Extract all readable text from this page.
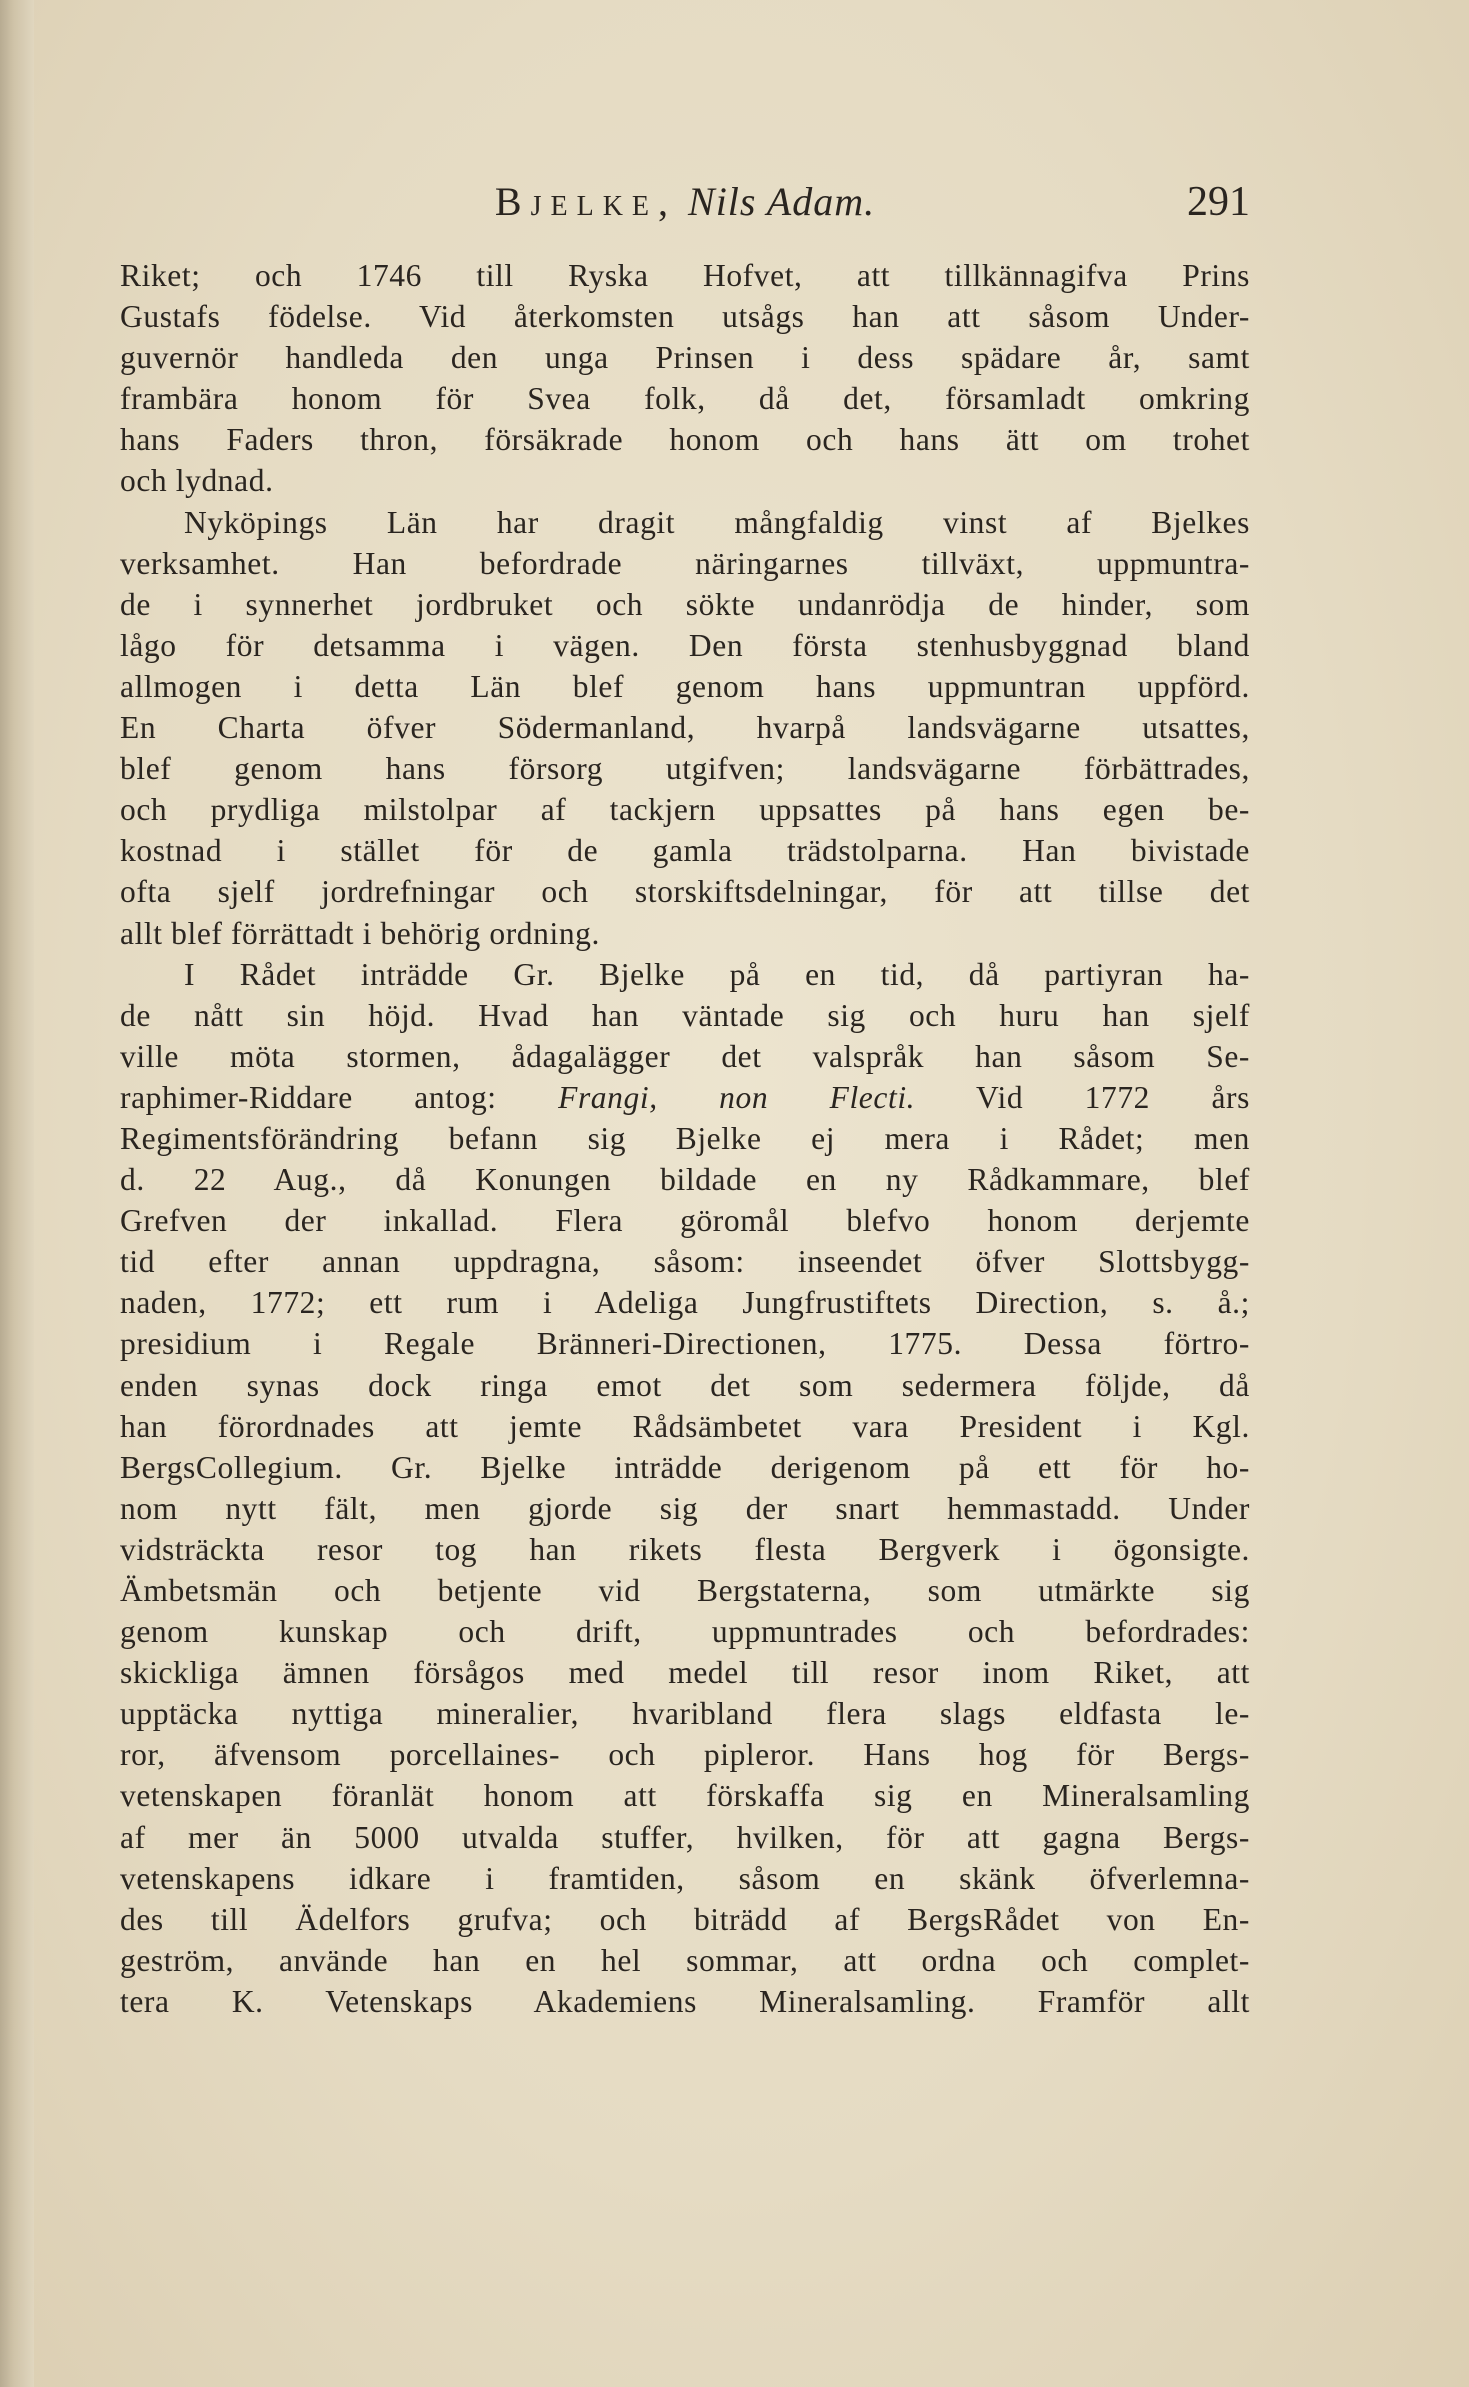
Bjelke, Nils Adam.	291
Riket; och 1746 till Ryska Hofvet, att tillkännagifva Prins
Gustafs födelse. Vid återkomsten utsågs han att såsom Under-
guvernör handleda den unga Prinsen i dess spädare år, samt
frambära honom för Svea folk, då det, församladt omkring
hans Faders thron, försäkrade honom och hans ätt om trohet
och lydnad.
Nyköpings Län har dragit mångfaldig vinst af Bjelkes
verksamhet. Han befordrade näringarnes tillväxt, uppmuntra-
de i synnerhet jordbruket och sökte undanrödja de hinder, som
lågo för detsamma i vägen. Den första stenhusbyggnad bland
allmogen i detta Län blef genom hans uppmuntran uppförd.
En Charta öfver Södermanland, hvarpå landsvägarne utsattes,
blef genom hans försorg utgifven; landsvägarne förbättrades,
och prydliga milstolpar af tackjern uppsattes på hans egen be-
kostnad i stället för de gamla trädstolparna. Han bivistade
ofta sjelf jordrefningar och storskiftsdelningar, för att tillse det
allt blef förrättadt i behörig ordning.
I Rådet inträdde Gr. Bjelke på en tid, då partiyran ha-
de nått sin höjd. Hvad han väntade sig och huru han sjelf
ville möta stormen, ådagalägger det valspråk han såsom Se-
raphimer-Riddare antog: Frangi, non Flecti. Vid 1772 års
Regimentsförändring befann sig Bjelke ej mera i Rådet; men
d. 22 Aug., då Konungen bildade en ny Rådkammare, blef
Grefven der inkallad. Flera göromål blefvo honom derjemte
tid efter annan uppdragna, såsom: inseendet öfver Slottsbygg-
naden, 1772; ett rum i Adeliga Jungfrustiftets Direction, s. å.;
presidium i Regale Bränneri-Directionen, 1775. Dessa förtro-
enden synas dock ringa emot det som sedermera följde, då
han förordnades att jemte Rådsämbetet vara President i Kgl.
BergsCollegium. Gr. Bjelke inträdde derigenom på ett för ho-
nom nytt fält, men gjorde sig der snart hemmastadd. Under
vidsträckta resor tog han rikets flesta Bergverk i ögonsigte.
Ämbetsmän och betjente vid Bergstaterna, som utmärkte sig
genom kunskap och drift, uppmuntrades och befordrades:
skickliga ämnen försågos med medel till resor inom Riket, att
upptäcka nyttiga mineralier, hvaribland flera slags eldfasta le-
ror, äfvensom porcellaines- och pipleror. Hans hog för Bergs-
vetenskapen föranlät honom att förskaffa sig en Mineralsamling
af mer än 5000 utvalda stuffer, hvilken, för att gagna Bergs-
vetenskapens idkare i framtiden, såsom en skänk öfverlemna-
des till Ädelfors grufva; och biträdd af BergsRådet von En-
geström, använde han en hel sommar, att ordna och complet-
tera K. Vetenskaps Akademiens Mineralsamling. Framför allt
